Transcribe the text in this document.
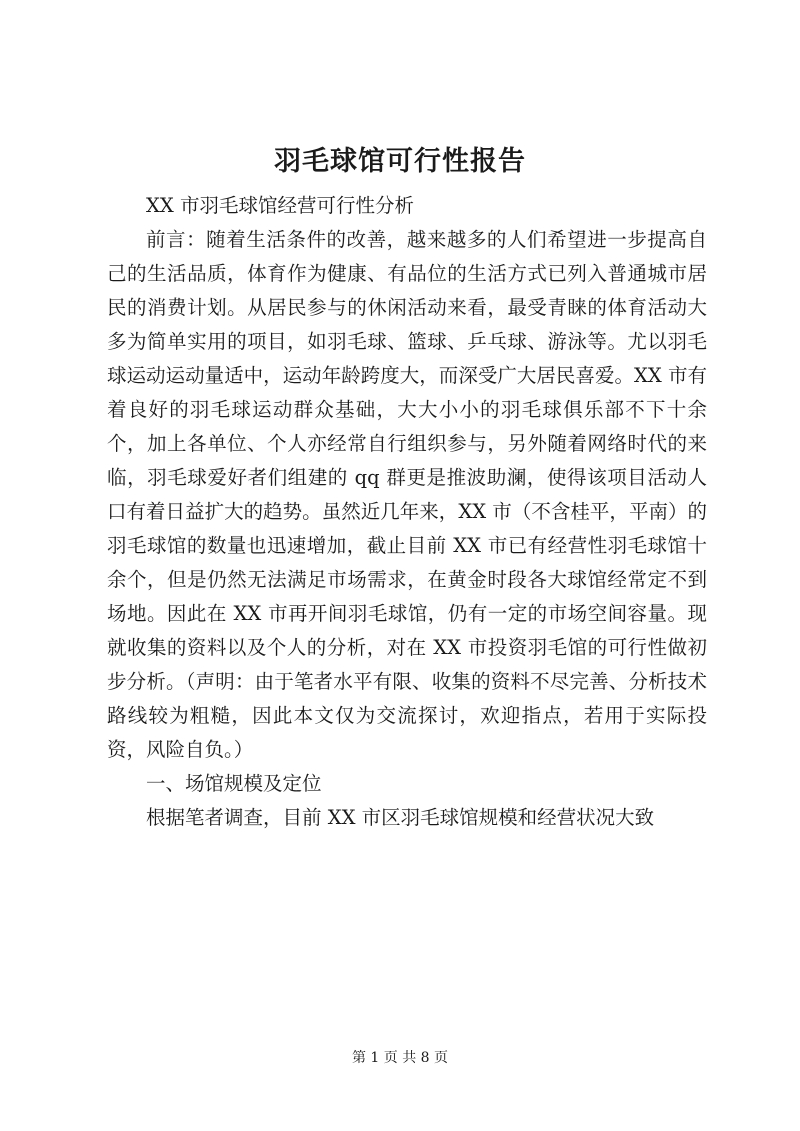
羽毛球馆可行性报告

XX 市羽毛球馆经营可行性分析

前言：随着生活条件的改善，越来越多的人们希望进一步提高自己的生活品质，体育作为健康、有品位的生活方式已列入普通城市居民的消费计划。从居民参与的休闲活动来看，最受青睐的体育活动大多为简单实用的项目，如羽毛球、篮球、乒乓球、游泳等。尤以羽毛球运动运动量适中，运动年龄跨度大，而深受广大居民喜爱。XX 市有着良好的羽毛球运动群众基础，大大小小的羽毛球俱乐部不下十余个，加上各单位、个人亦经常自行组织参与，另外随着网络时代的来临，羽毛球爱好者们组建的 qq 群更是推波助澜，使得该项目活动人口有着日益扩大的趋势。虽然近几年来，XX 市（不含桂平，平南）的羽毛球馆的数量也迅速增加，截止目前 XX 市已有经营性羽毛球馆十余个，但是仍然无法满足市场需求，在黄金时段各大球馆经常定不到场地。因此在 XX 市再开间羽毛球馆，仍有一定的市场空间容量。现就收集的资料以及个人的分析，对在 XX 市投资羽毛馆的可行性做初步分析。（声明：由于笔者水平有限、收集的资料不尽完善、分析技术路线较为粗糙，因此本文仅为交流探讨，欢迎指点，若用于实际投资，风险自负。）

一、场馆规模及定位

根据笔者调查，目前 XX 市区羽毛球馆规模和经营状况大致

第 1 页 共 8 页
